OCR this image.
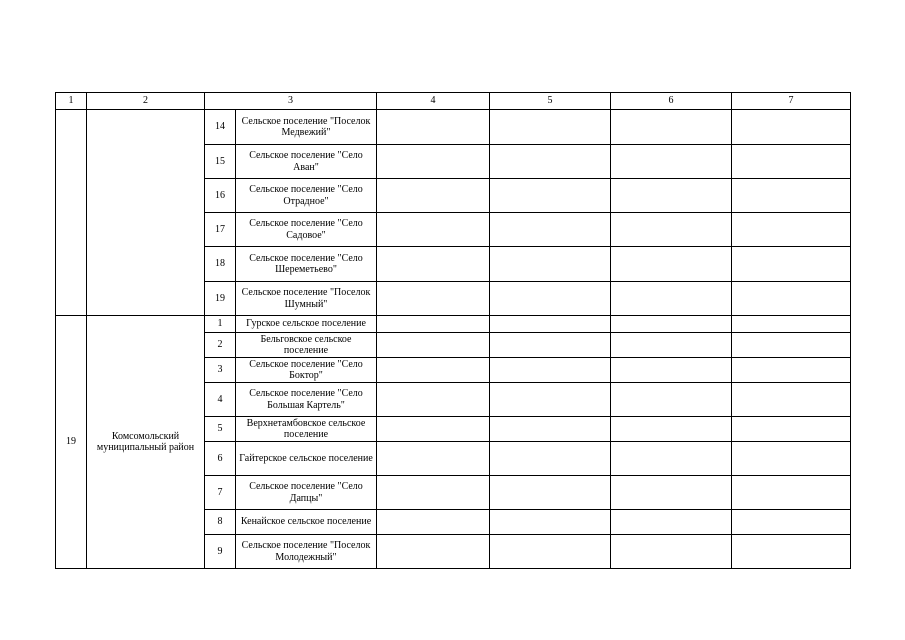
1	2	3		4	5	6	7
		14	Сельское поселение "Поселок Медвежий"				
		15	Сельское поселение "Село Аван"				
		16	Сельское поселение "Село Отрадное"				
		17	Сельское поселение "Село Садовое"				
		18	Сельское поселение "Село Шереметьево"				
		19	Сельское поселение "Поселок Шумный"				
19	Комсомольский муниципальный район	1	Гурское сельское поселение				
		2	Бельговское сельское поселение				
		3	Сельское поселение "Село Боктор"				
		4	Сельское поселение "Село Большая Картель"				
		5	Верхнетамбовское сельское поселение				
		6	Гайтерское сельское поселение				
		7	Сельское поселение "Село Дапцы"				
		8	Кенайское сельское поселение				
		9	Сельское поселение "Поселок Молодежный"				
